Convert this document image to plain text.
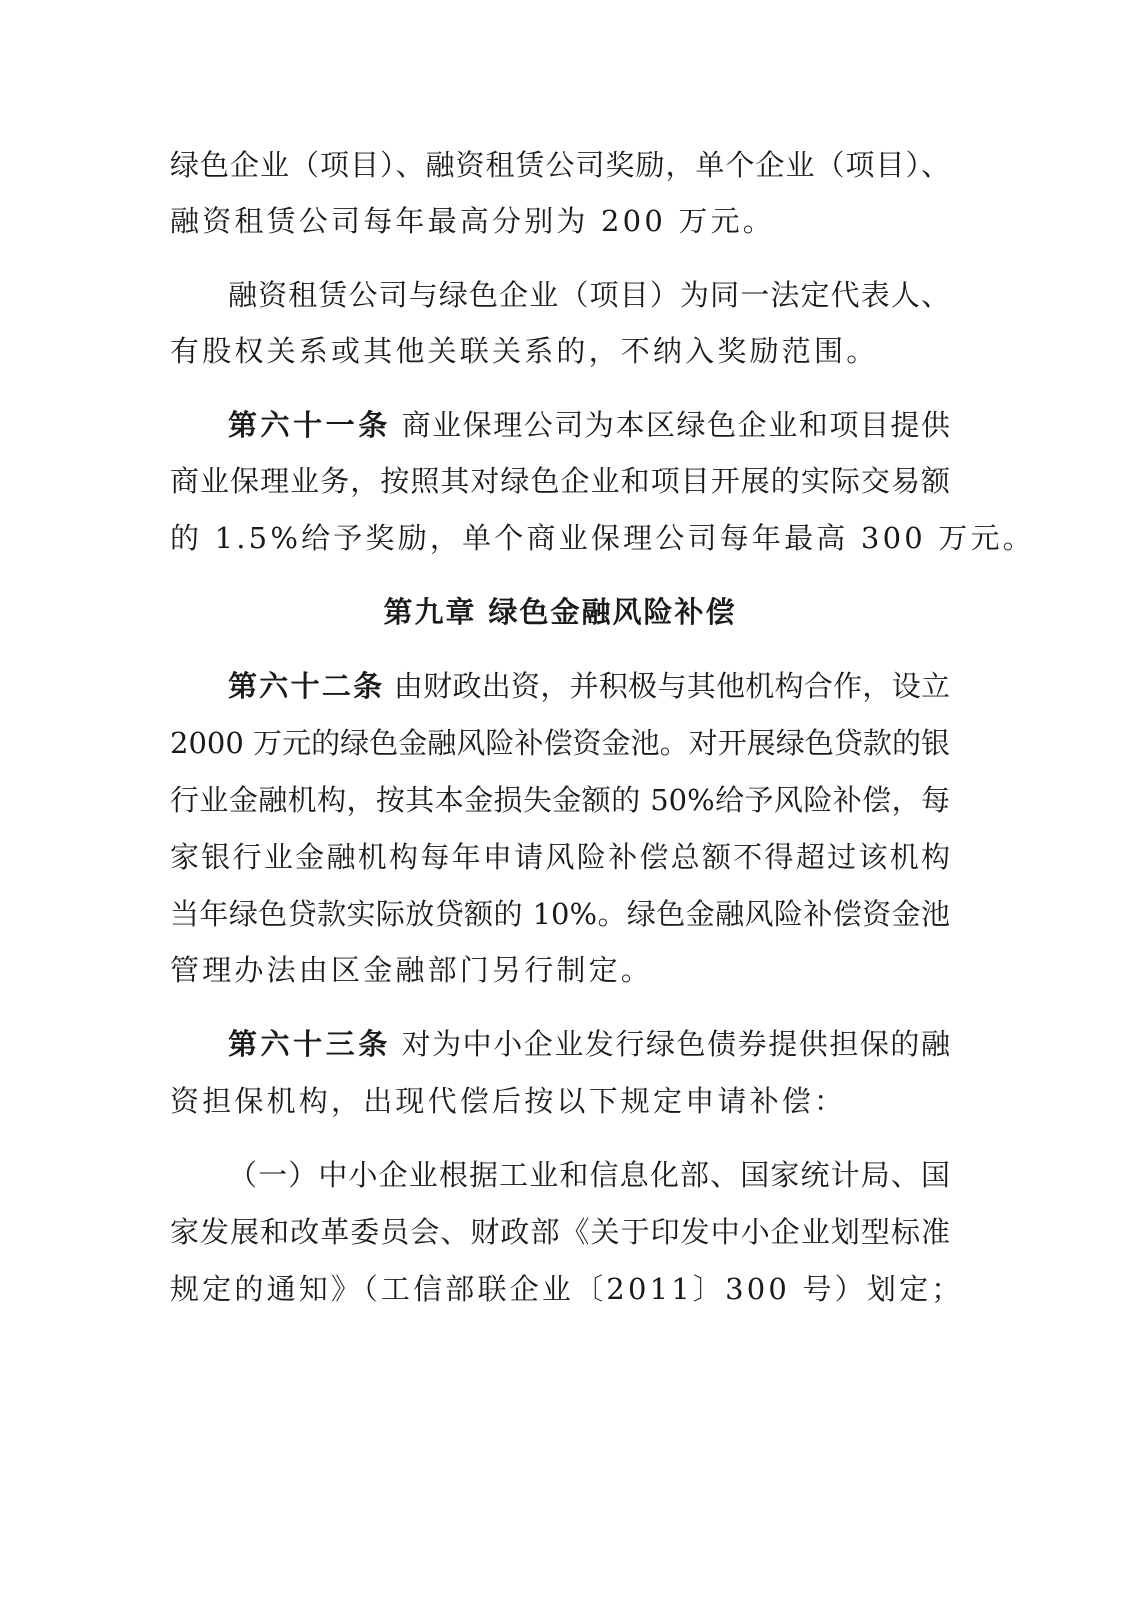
绿色企业（项目）、融资租赁公司奖励，单个企业（项目）、
融资租赁公司每年最高分别为 200 万元。
融资租赁公司与绿色企业（项目）为同一法定代表人、
有股权关系或其他关联关系的，不纳入奖励范围。
第六十一条 商业保理公司为本区绿色企业和项目提供
商业保理业务，按照其对绿色企业和项目开展的实际交易额
的 1.5%给予奖励，单个商业保理公司每年最高 300 万元。
第九章 绿色金融风险补偿
第六十二条 由财政出资，并积极与其他机构合作，设立
2000 万元的绿色金融风险补偿资金池。对开展绿色贷款的银
行业金融机构，按其本金损失金额的 50%给予风险补偿，每
家银行业金融机构每年申请风险补偿总额不得超过该机构
当年绿色贷款实际放贷额的 10%。绿色金融风险补偿资金池
管理办法由区金融部门另行制定。
第六十三条 对为中小企业发行绿色债券提供担保的融
资担保机构，出现代偿后按以下规定申请补偿：
（一）中小企业根据工业和信息化部、国家统计局、国
家发展和改革委员会、财政部《关于印发中小企业划型标准
规定的通知》（工信部联企业〔2011〕300 号）划定；
